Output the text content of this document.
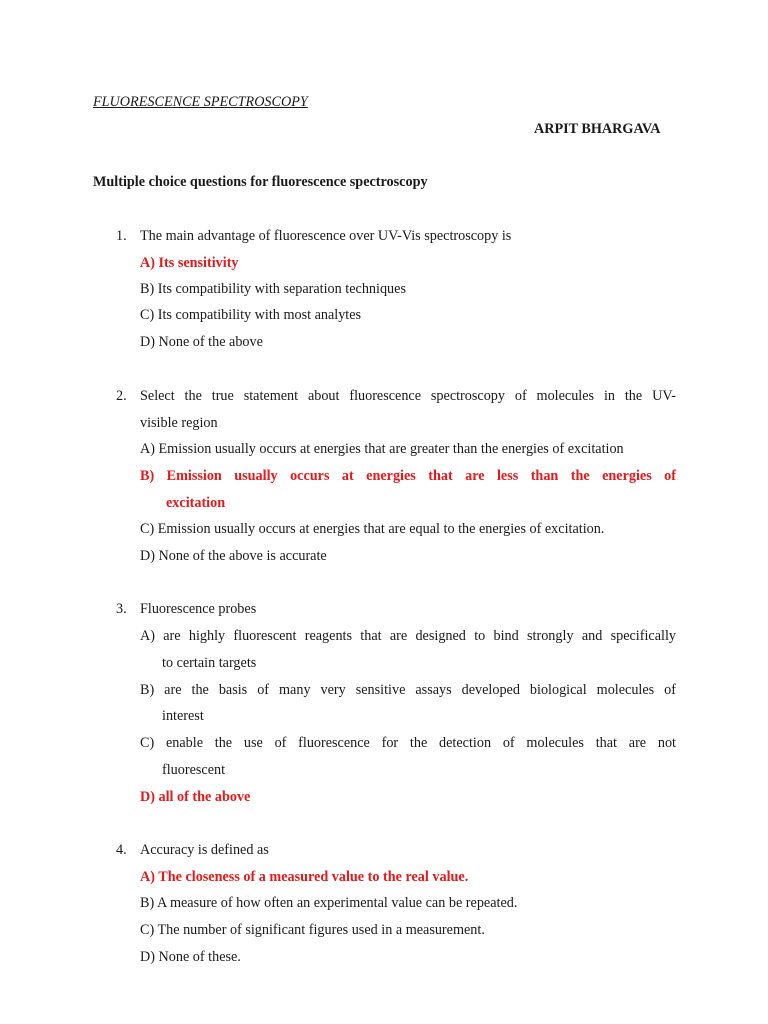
FLUORESCENCE SPECTROSCOPY
ARPIT BHARGAVA
Multiple choice questions for fluorescence spectroscopy
1. The main advantage of fluorescence over UV-Vis spectroscopy is
A) Its sensitivity
B) Its compatibility with separation techniques
C) Its compatibility with most analytes
D) None of the above
2. Select the true statement about fluorescence spectroscopy of molecules in the UV-
visible region
A) Emission usually occurs at energies that are greater than the energies of excitation
B) Emission usually occurs at energies that are less than the energies of
excitation
C) Emission usually occurs at energies that are equal to the energies of excitation.
D) None of the above is accurate
3. Fluorescence probes
A) are highly fluorescent reagents that are designed to bind strongly and specifically
to certain targets
B) are the basis of many very sensitive assays developed biological molecules of
interest
C) enable the use of fluorescence for the detection of molecules that are not
fluorescent
D) all of the above
4. Accuracy is defined as
A) The closeness of a measured value to the real value.
B) A measure of how often an experimental value can be repeated.
C) The number of significant figures used in a measurement.
D) None of these.
